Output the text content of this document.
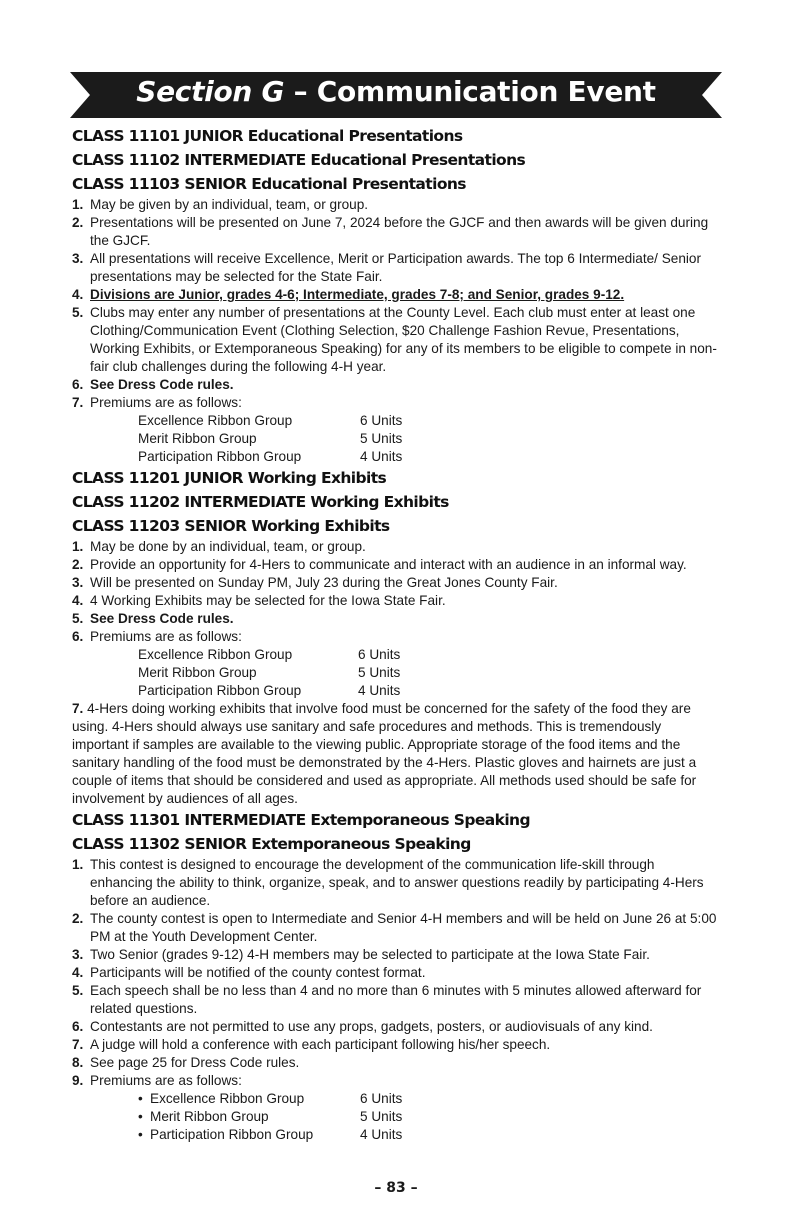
Section G – Communication Event
CLASS 11101 JUNIOR Educational Presentations
CLASS 11102 INTERMEDIATE Educational Presentations
CLASS 11103 SENIOR Educational Presentations
1. May be given by an individual, team, or group.
2. Presentations will be presented on June 7, 2024 before the GJCF and then awards will be given during the GJCF.
3. All presentations will receive Excellence, Merit or Participation awards. The top 6 Intermediate/ Senior presentations may be selected for the State Fair.
4. Divisions are Junior, grades 4-6; Intermediate, grades 7-8; and Senior, grades 9-12.
5. Clubs may enter any number of presentations at the County Level. Each club must enter at least one Clothing/Communication Event (Clothing Selection, $20 Challenge Fashion Revue, Presentations, Working Exhibits, or Extemporaneous Speaking) for any of its members to be eligible to compete in non-fair club challenges during the following 4-H year.
6. See Dress Code rules.
7. Premiums are as follows:
Excellence Ribbon Group	6 Units
Merit Ribbon Group	5 Units
Participation Ribbon Group	4 Units
CLASS 11201 JUNIOR Working Exhibits
CLASS 11202 INTERMEDIATE Working Exhibits
CLASS 11203 SENIOR Working Exhibits
1. May be done by an individual, team, or group.
2. Provide an opportunity for 4-Hers to communicate and interact with an audience in an informal way.
3. Will be presented on Sunday PM, July 23 during the Great Jones County Fair.
4. 4 Working Exhibits may be selected for the Iowa State Fair.
5. See Dress Code rules.
6. Premiums are as follows:
Excellence Ribbon Group	6 Units
Merit Ribbon Group	5 Units
Participation Ribbon Group	4 Units
7. 4-Hers doing working exhibits that involve food must be concerned for the safety of the food they are using. 4-Hers should always use sanitary and safe procedures and methods. This is tremendously important if samples are available to the viewing public. Appropriate storage of the food items and the sanitary handling of the food must be demonstrated by the 4-Hers. Plastic gloves and hairnets are just a couple of items that should be considered and used as appropriate. All methods used should be safe for involvement by audiences of all ages.
CLASS 11301 INTERMEDIATE Extemporaneous Speaking
CLASS 11302 SENIOR Extemporaneous Speaking
1. This contest is designed to encourage the development of the communication life-skill through enhancing the ability to think, organize, speak, and to answer questions readily by participating 4-Hers before an audience.
2. The county contest is open to Intermediate and Senior 4-H members and will be held on June 26 at 5:00 PM at the Youth Development Center.
3. Two Senior (grades 9-12) 4-H members may be selected to participate at the Iowa State Fair.
4. Participants will be notified of the county contest format.
5. Each speech shall be no less than 4 and no more than 6 minutes with 5 minutes allowed afterward for related questions.
6. Contestants are not permitted to use any props, gadgets, posters, or audiovisuals of any kind.
7. A judge will hold a conference with each participant following his/her speech.
8. See page 25 for Dress Code rules.
9. Premiums are as follows:
• Excellence Ribbon Group	6 Units
• Merit Ribbon Group	5 Units
• Participation Ribbon Group	4 Units
– 83 –
